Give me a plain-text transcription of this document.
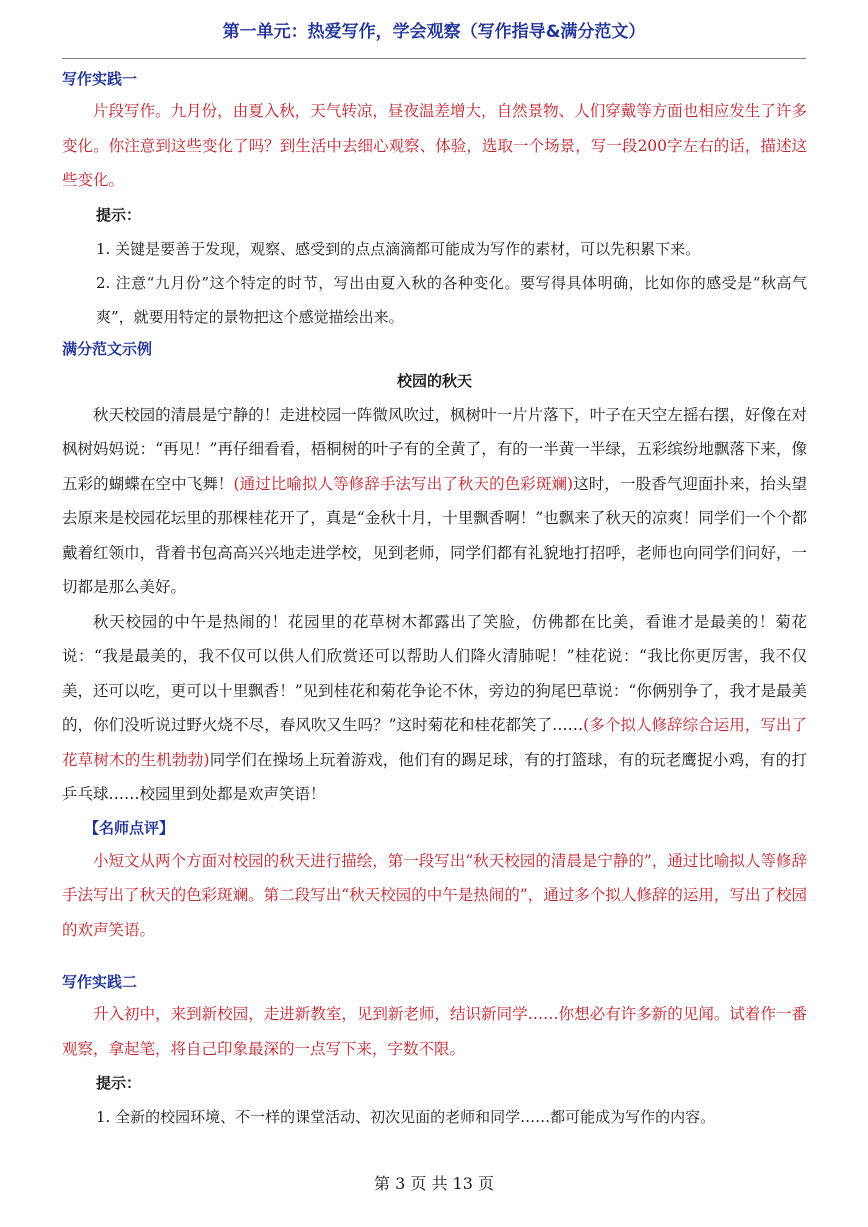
第一单元：热爱写作，学会观察（写作指导&满分范文）

写作实践一

片段写作。九月份，由夏入秋，天气转凉，昼夜温差增大，自然景物、人们穿戴等方面也相应发生了许多变化。你注意到这些变化了吗？到生活中去细心观察、体验，选取一个场景，写一段200字左右的话，描述这些变化。

提示：

1. 关键是要善于发现，观察、感受到的点点滴滴都可能成为写作的素材，可以先积累下来。

2. 注意“九月份”这个特定的时节，写出由夏入秋的各种变化。要写得具体明确，比如你的感受是“秋高气爽”，就要用特定的景物把这个感觉描绘出来。

满分范文示例

校园的秋天

秋天校园的清晨是宁静的！走进校园一阵微风吹过，枫树叶一片片落下，叶子在天空左摇右摆，好像在对枫树妈妈说：“再见！”再仔细看看，梧桐树的叶子有的全黄了，有的一半黄一半绿，五彩缤纷地飘落下来，像五彩的蝴蝶在空中飞舞！(通过比喻拟人等修辞手法写出了秋天的色彩斑斓)这时，一股香气迎面扑来，抬头望去原来是校园花坛里的那棵桂花开了，真是“金秋十月，十里飘香啊！”也飘来了秋天的凉爽！同学们一个个都戴着红领巾，背着书包高高兴兴地走进学校，见到老师，同学们都有礼貌地打招呼，老师也向同学们问好，一切都是那么美好。

秋天校园的中午是热闹的！花园里的花草树木都露出了笑脸，仿佛都在比美，看谁才是最美的！菊花说：“我是最美的，我不仅可以供人们欣赏还可以帮助人们降火清肺呢！”桂花说：“我比你更厉害，我不仅美，还可以吃，更可以十里飘香！”见到桂花和菊花争论不休，旁边的狗尾巴草说：“你俩别争了，我才是最美的，你们没听说过野火烧不尽，春风吹又生吗？”这时菊花和桂花都笑了……(多个拟人修辞综合运用，写出了花草树木的生机勃勃)同学们在操场上玩着游戏，他们有的踢足球，有的打篮球，有的玩老鹰捉小鸡，有的打乒乓球……校园里到处都是欢声笑语！

【名师点评】

小短文从两个方面对校园的秋天进行描绘，第一段写出“秋天校园的清晨是宁静的”，通过比喻拟人等修辞手法写出了秋天的色彩斑斓。第二段写出“秋天校园的中午是热闹的”，通过多个拟人修辞的运用，写出了校园的欢声笑语。

写作实践二

升入初中，来到新校园，走进新教室，见到新老师，结识新同学……你想必有许多新的见闻。试着作一番观察，拿起笔，将自己印象最深的一点写下来，字数不限。

提示：

1. 全新的校园环境、不一样的课堂活动、初次见面的老师和同学……都可能成为写作的内容。

第 3 页 共 13 页
